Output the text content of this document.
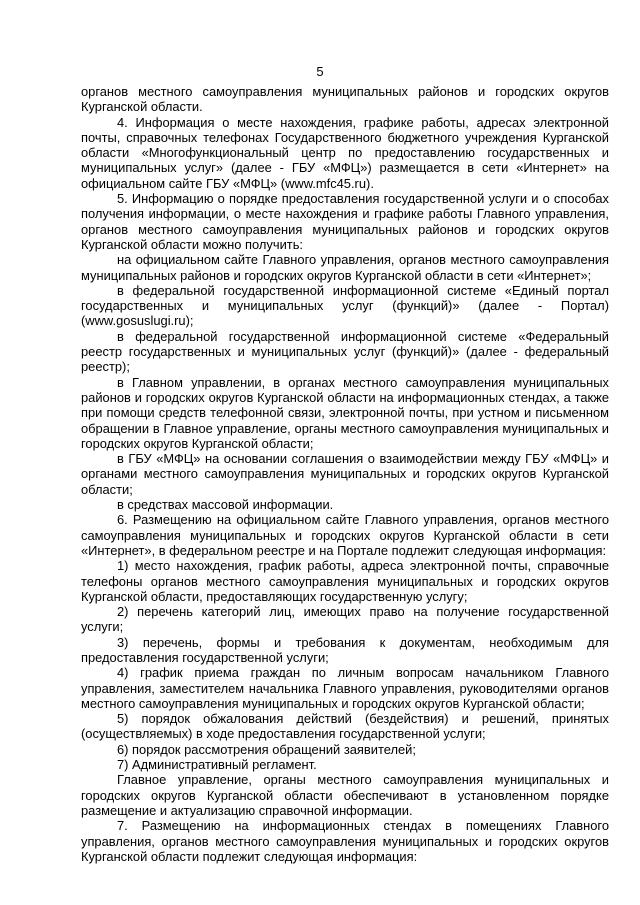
5

органов местного самоуправления муниципальных районов и городских округов Курганской области.

4. Информация о месте нахождения, графике работы, адресах электронной почты, справочных телефонах Государственного бюджетного учреждения Курганской области «Многофункциональный центр по предоставлению государственных и муниципальных услуг» (далее - ГБУ «МФЦ») размещается в сети «Интернет» на официальном сайте ГБУ «МФЦ» (www.mfc45.ru).

5. Информацию о порядке предоставления государственной услуги и о способах получения информации, о месте нахождения и графике работы Главного управления, органов местного самоуправления муниципальных районов и городских округов Курганской области можно получить:

на официальном сайте Главного управления, органов местного самоуправления муниципальных районов и городских округов Курганской области в сети «Интернет»;

в федеральной государственной информационной системе «Единый портал государственных и муниципальных услуг (функций)» (далее - Портал) (www.gosuslugi.ru);

в федеральной государственной информационной системе «Федеральный реестр государственных и муниципальных услуг (функций)» (далее - федеральный реестр);

в Главном управлении, в органах местного самоуправления муниципальных районов и городских округов Курганской области на информационных стендах, а также при помощи средств телефонной связи, электронной почты, при устном и письменном обращении в Главное управление, органы местного самоуправления муниципальных и городских округов Курганской области;

в ГБУ «МФЦ» на основании соглашения о взаимодействии между ГБУ «МФЦ» и органами местного самоуправления муниципальных и городских округов Курганской области;

в средствах массовой информации.

6. Размещению на официальном сайте Главного управления, органов местного самоуправления муниципальных и городских округов Курганской области в сети «Интернет», в федеральном реестре и на Портале подлежит следующая информация:

1) место нахождения, график работы, адреса электронной почты, справочные телефоны органов местного самоуправления муниципальных и городских округов Курганской области, предоставляющих государственную услугу;

2) перечень категорий лиц, имеющих право на получение государственной услуги;

3) перечень, формы и требования к документам, необходимым для предоставления государственной услуги;

4) график приема граждан по личным вопросам начальником Главного управления, заместителем начальника Главного управления, руководителями органов местного самоуправления муниципальных и городских округов Курганской области;

5) порядок обжалования действий (бездействия) и решений, принятых (осуществляемых) в ходе предоставления государственной услуги;

6) порядок рассмотрения обращений заявителей;

7) Административный регламент.

Главное управление, органы местного самоуправления муниципальных и городских округов Курганской области обеспечивают в установленном порядке размещение и актуализацию справочной информации.

7. Размещению на информационных стендах в помещениях Главного управления, органов местного самоуправления муниципальных и городских округов Курганской области подлежит следующая информация:
